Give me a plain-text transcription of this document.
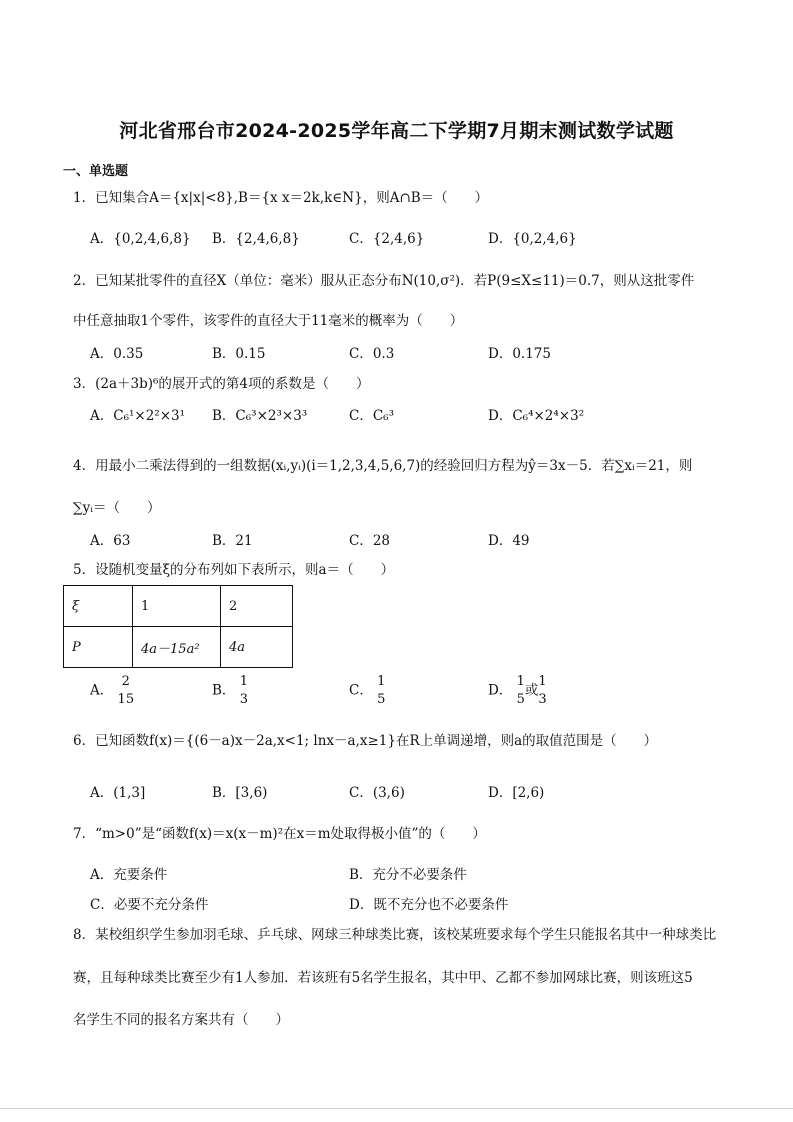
河北省邢台市2024-2025学年高二下学期7月期末测试数学试题
一、单选题
1．已知集合A＝{x|x|<8},B＝{x x＝2k,k∈N}，则A∩B＝（　　）
A．{0,2,4,6,8} B．{2,4,6,8}	C．{2,4,6}	D．{0,2,4,6}
2．已知某批零件的直径X（单位：毫米）服从正态分布N(10,σ²)．若P(9≤X≤11)＝0.7，则从这批零件
中任意抽取1个零件，该零件的直径大于11毫米的概率为（　　）
A．0.35	B．0.15	C．0.3	D．0.175
3．(2a＋3b)⁶的展开式的第4项的系数是（　　）
A．C₆¹×2²×3¹ B．C₆³×2³×3³	C．C₆³	D．C₆⁴×2⁴×3²
4．用最小二乘法得到的一组数据(xᵢ,yᵢ)(i＝1,2,3,4,5,6,7)的经验回归方程为ŷ＝3x－5．若∑xᵢ＝21，则
∑yᵢ＝（　　）
A．63	B．21	C．28	D．49
5．设随机变量ξ的分布列如下表所示，则a＝（　　）
ξ	1	2
P	4a－15a²	4a
A．
2
15
B．
1
3
C．
1
5
D．
1
5
或
1
3
6．已知函数f(x)＝{(6－a)x－2a,x<1; lnx－a,x≥1}在R上单调递增，则a的取值范围是（　　）
A．(1,3]	B．[3,6)	C．(3,6)	D．[2,6)
7．“m>0”是“函数f(x)＝x(x－m)²在x＝m处取得极小值”的（　　）
A．充要条件	B．充分不必要条件
C．必要不充分条件	D．既不充分也不必要条件
8．某校组织学生参加羽毛球、乒乓球、网球三种球类比赛，该校某班要求每个学生只能报名其中一种球类比
赛，且每种球类比赛至少有1人参加．若该班有5名学生报名，其中甲、乙都不参加网球比赛，则该班这5
名学生不同的报名方案共有（　　）
